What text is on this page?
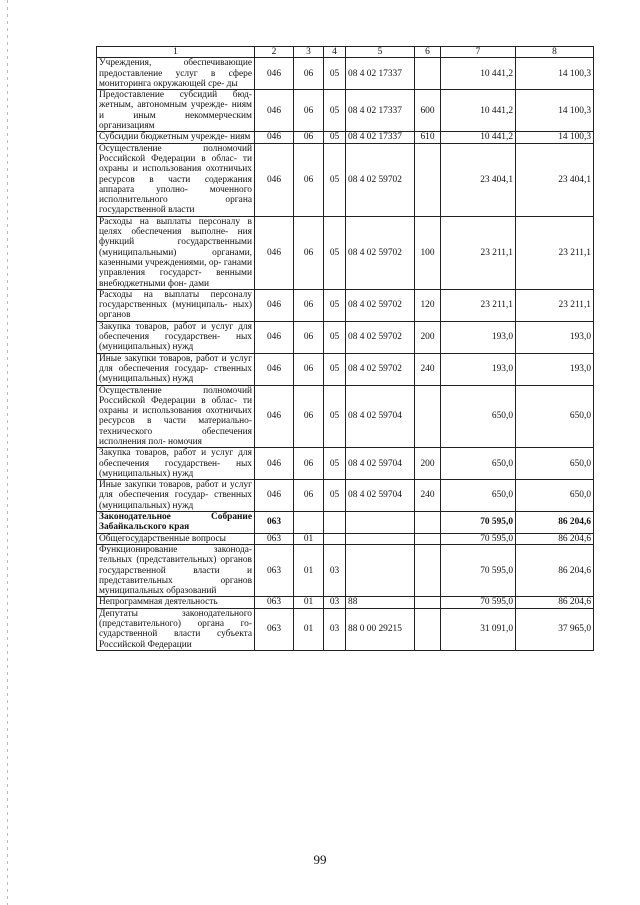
1	2	3	4	5	6	7	8
Учреждения, обеспечивающие предоставление услуг в сфере мониторинга окружающей сре- ды	046	06	05	08 4 02 17337		10 441,2	14 100,3
Предоставление субсидий бюд- жетным, автономным учрежде- ниям и иным некоммерческим организациям	046	06	05	08 4 02 17337	600	10 441,2	14 100,3
Субсидии бюджетным учрежде- ниям	046	06	05	08 4 02 17337	610	10 441,2	14 100,3
Осуществление полномочий Российской Федерации в облас- ти охраны и использования охотничьих ресурсов в части содержания аппарата уполно- моченного исполнительного органа государственной власти	046	06	05	08 4 02 59702		23 404,1	23 404,1
Расходы на выплаты персоналу в целях обеспечения выполне- ния функций государственными (муниципальными) органами, казенными учреждениями, ор- ганами управления государст- венными внебюджетными фон- дами	046	06	05	08 4 02 59702	100	23 211,1	23 211,1
Расходы на выплаты персоналу государственных (муниципаль- ных) органов	046	06	05	08 4 02 59702	120	23 211,1	23 211,1
Закупка товаров, работ и услуг для обеспечения государствен- ных (муниципальных) нужд	046	06	05	08 4 02 59702	200	193,0	193,0
Иные закупки товаров, работ и услуг для обеспечения государ- ственных (муниципальных) нужд	046	06	05	08 4 02 59702	240	193,0	193,0
Осуществление полномочий Российской Федерации в облас- ти охраны и использования охотничьих ресурсов в части материально-технического обеспечения исполнения пол- номочия	046	06	05	08 4 02 59704		650,0	650,0
Закупка товаров, работ и услуг для обеспечения государствен- ных (муниципальных) нужд	046	06	05	08 4 02 59704	200	650,0	650,0
Иные закупки товаров, работ и услуг для обеспечения государ- ственных (муниципальных) нужд	046	06	05	08 4 02 59704	240	650,0	650,0
Законодательное Собрание Забайкальского края	063					70 595,0	86 204,6
Общегосударственные вопросы	063	01				70 595,0	86 204,6
Функционирование законода- тельных (представительных) органов государственной власти и представительных органов муниципальных образований	063	01	03			70 595,0	86 204,6
Непрограммная деятельность	063	01	03	88		70 595,0	86 204,6
Депутаты законодательного (представительного) органа го- сударственной власти субъекта Российской Федерации	063	01	03	88 0 00 29215		31 091,0	37 965,0
99
